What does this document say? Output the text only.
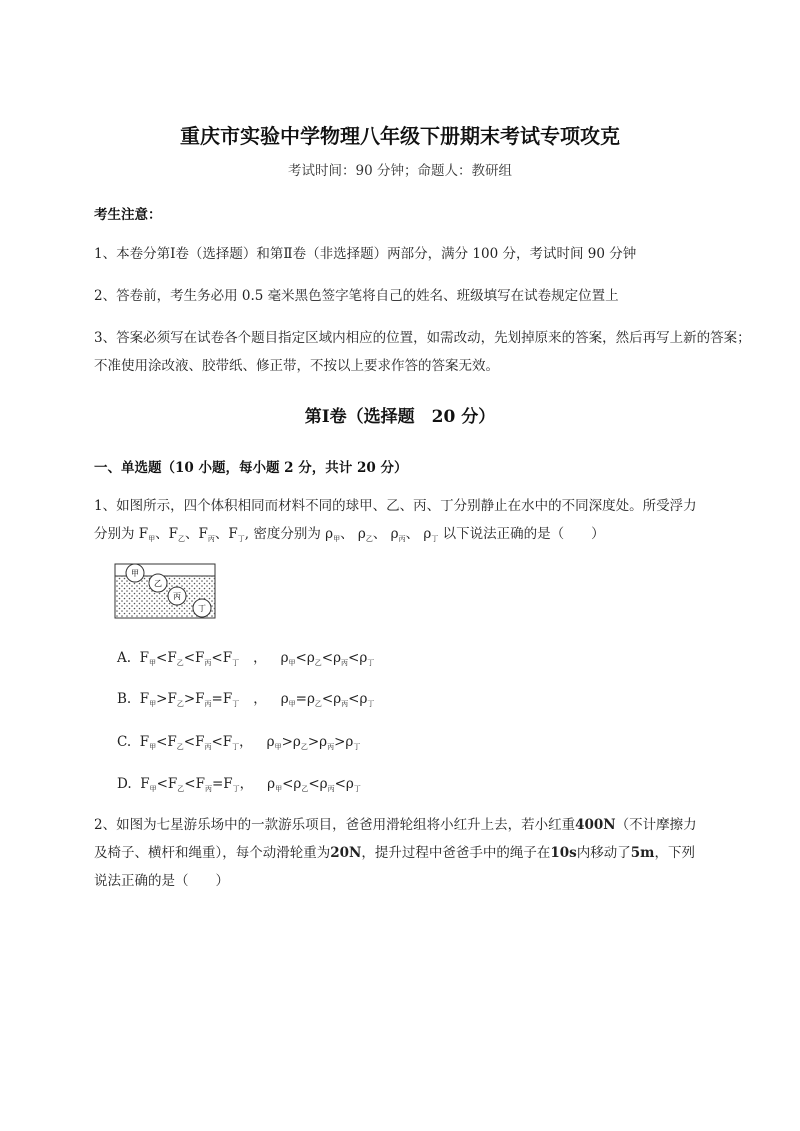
重庆市实验中学物理八年级下册期末考试专项攻克
考试时间：90 分钟；命题人：教研组
考生注意：
1、本卷分第Ⅰ卷（选择题）和第Ⅱ卷（非选择题）两部分，满分 100 分，考试时间 90 分钟
2、答卷前，考生务必用 0.5 毫米黑色签字笔将自己的姓名、班级填写在试卷规定位置上
3、答案必须写在试卷各个题目指定区域内相应的位置，如需改动，先划掉原来的答案，然后再写上新的答案；不准使用涂改液、胶带纸、修正带，不按以上要求作答的答案无效。
第Ⅰ卷（选择题　20 分）
一、单选题（10 小题，每小题 2 分，共计 20 分）
1、如图所示，四个体积相同而材料不同的球甲、乙、丙、丁分别静止在水中的不同深度处。所受浮力
分别为 $F_甲$、$F_乙$、$F_丙$、$F_丁$, 密度分别为 $\rho_甲$、 $\rho_乙$、 $\rho_丙$、 $\rho_丁$ 以下说法正确的是（　　）
甲
乙
丙
丁
A.  $F_甲<F_乙<F_丙<F_丁$ ， $\rho_甲<\rho_乙<\rho_丙<\rho_丁$
B.  $F_甲>F_乙>F_丙=F_丁$ ， $\rho_甲=\rho_乙<\rho_丙<\rho_丁$
C.  $F_甲<F_乙<F_丙<F_丁$， $\rho_甲>\rho_乙>\rho_丙>\rho_丁$
D.  $F_甲<F_乙<F_丙=F_丁$， $\rho_甲<\rho_乙<\rho_丙<\rho_丁$
2、如图为七星游乐场中的一款游乐项目，爸爸用滑轮组将小红升上去，若小红重400N（不计摩擦力
及椅子、横杆和绳重），每个动滑轮重为20N，提升过程中爸爸手中的绳子在10s内移动了5m，下列
说法正确的是（　　）
